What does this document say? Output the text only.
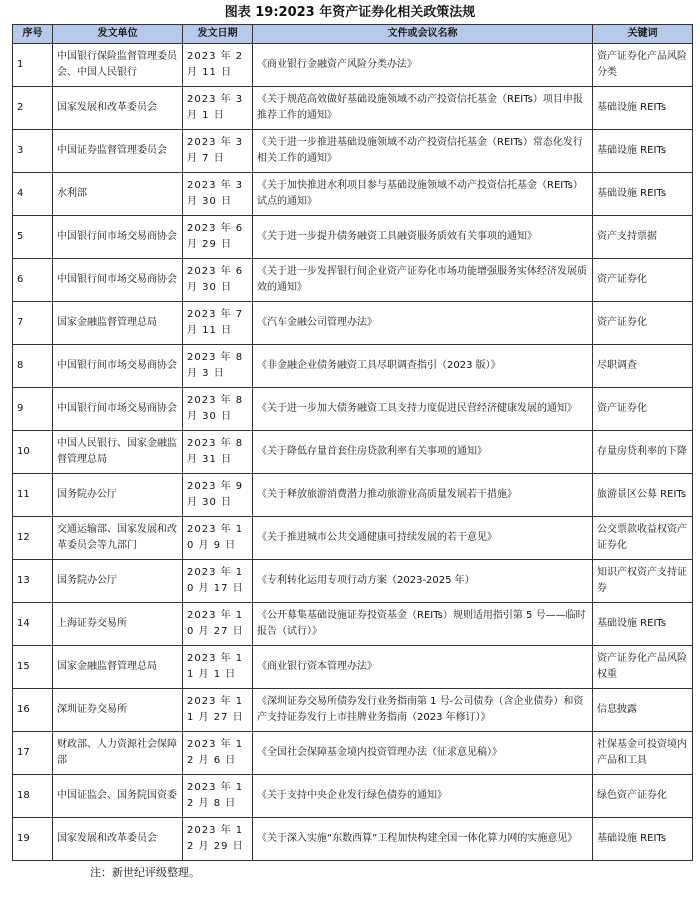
图表 19:2023 年资产证券化相关政策法规
序号	发文单位	发文日期	文件或会议名称	关键词
1	中国银行保险监督管理委员会、中国人民银行	2023 年 2 月 11 日	《商业银行金融资产风险分类办法》	资产证券化产品风险分类
2	国家发展和改革委员会	2023 年 3 月 1 日	《关于规范高效做好基础设施领域不动产投资信托基金（REITs）项目申报推荐工作的通知》	基础设施 REITs
3	中国证券监督管理委员会	2023 年 3 月 7 日	《关于进一步推进基础设施领域不动产投资信托基金（REITs）常态化发行相关工作的通知》	基础设施 REITs
4	水利部	2023 年 3 月 30 日	《关于加快推进水利项目参与基础设施领域不动产投资信托基金（REITs）试点的通知》	基础设施 REITs
5	中国银行间市场交易商协会	2023 年 6 月 29 日	《关于进一步提升债务融资工具融资服务质效有关事项的通知》	资产支持票据
6	中国银行间市场交易商协会	2023 年 6 月 30 日	《关于进一步发挥银行间企业资产证券化市场功能增强服务实体经济发展质效的通知》	资产证券化
7	国家金融监督管理总局	2023 年 7 月 11 日	《汽车金融公司管理办法》	资产证券化
8	中国银行间市场交易商协会	2023 年 8 月 3 日	《非金融企业债务融资工具尽职调查指引（2023 版）》	尽职调查
9	中国银行间市场交易商协会	2023 年 8 月 30 日	《关于进一步加大债务融资工具支持力度促进民营经济健康发展的通知》	资产证券化
10	中国人民银行、国家金融监督管理总局	2023 年 8 月 31 日	《关于降低存量首套住房贷款利率有关事项的通知》	存量房贷利率的下降
11	国务院办公厅	2023 年 9 月 30 日	《关于释放旅游消费潜力推动旅游业高质量发展若干措施》	旅游景区公募 REITs
12	交通运输部、国家发展和改革委员会等九部门	2023 年 10 月 9 日	《关于推进城市公共交通健康可持续发展的若干意见》	公交票款收益权资产证券化
13	国务院办公厅	2023 年 10 月 17 日	《专利转化运用专项行动方案（2023-2025 年）	知识产权资产支持证券
14	上海证券交易所	2023 年 10 月 27 日	《公开募集基础设施证券投资基金（REITs）规则适用指引第 5 号——临时报告（试行）》	基础设施 REITs
15	国家金融监督管理总局	2023 年 11 月 1 日	《商业银行资本管理办法》	资产证券化产品风险权重
16	深圳证券交易所	2023 年 11 月 27 日	《深圳证券交易所债券发行业务指南第 1 号-公司债券（含企业债券）和资产支持证券发行上市挂牌业务指南（2023 年修订）》	信息披露
17	财政部、人力资源社会保障部	2023 年 12 月 6 日	《全国社会保障基金境内投资管理办法（征求意见稿）》	社保基金可投资境内产品和工具
18	中国证监会、国务院国资委	2023 年 12 月 8 日	《关于支持中央企业发行绿色债券的通知》	绿色资产证券化
19	国家发展和改革委员会	2023 年 12 月 29 日	《关于深入实施“东数西算”工程加快构建全国一体化算力网的实施意见》	基础设施 REITs
注：新世纪评级整理。
